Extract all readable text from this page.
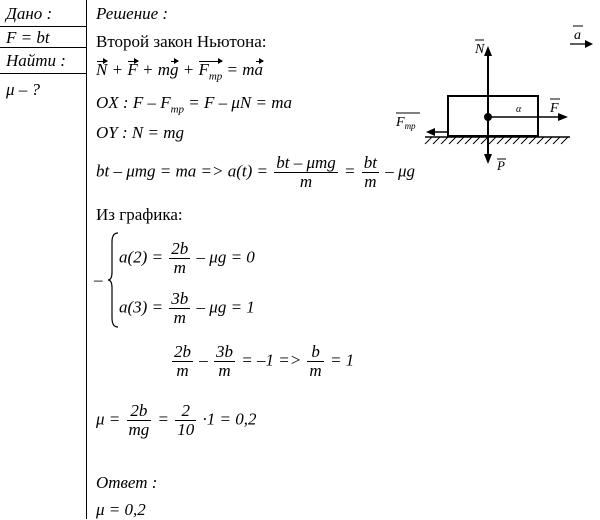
Дано :
F = bt
Найти :
μ – ?
Решение :
Второй закон Ньютона:
N + F + mg + $F_{тр}$ = ma
OX : $F - F_{тр} = F - \mu N$ = ma
OY : N = mg
bt – μmg = ma => $a(t) = \frac{\text{bt – μmg}}{m} = \frac{bt}{m} - \mu g$
Из графика:
–
$a(2) = \frac{2b}{m} - \mu g = 0$
$a(3) = \frac{3b}{m} - \mu g = 1$
$\frac{2b}{m} - \frac{3b}{m} = -1 => \frac{b}{m} = 1$
$\mu = \frac{2b}{mg} = \frac{2}{10} \cdot 1 = 0,2$
Ответ :
μ = 0,2
N
F
$F_{тр}$
P
a
α
